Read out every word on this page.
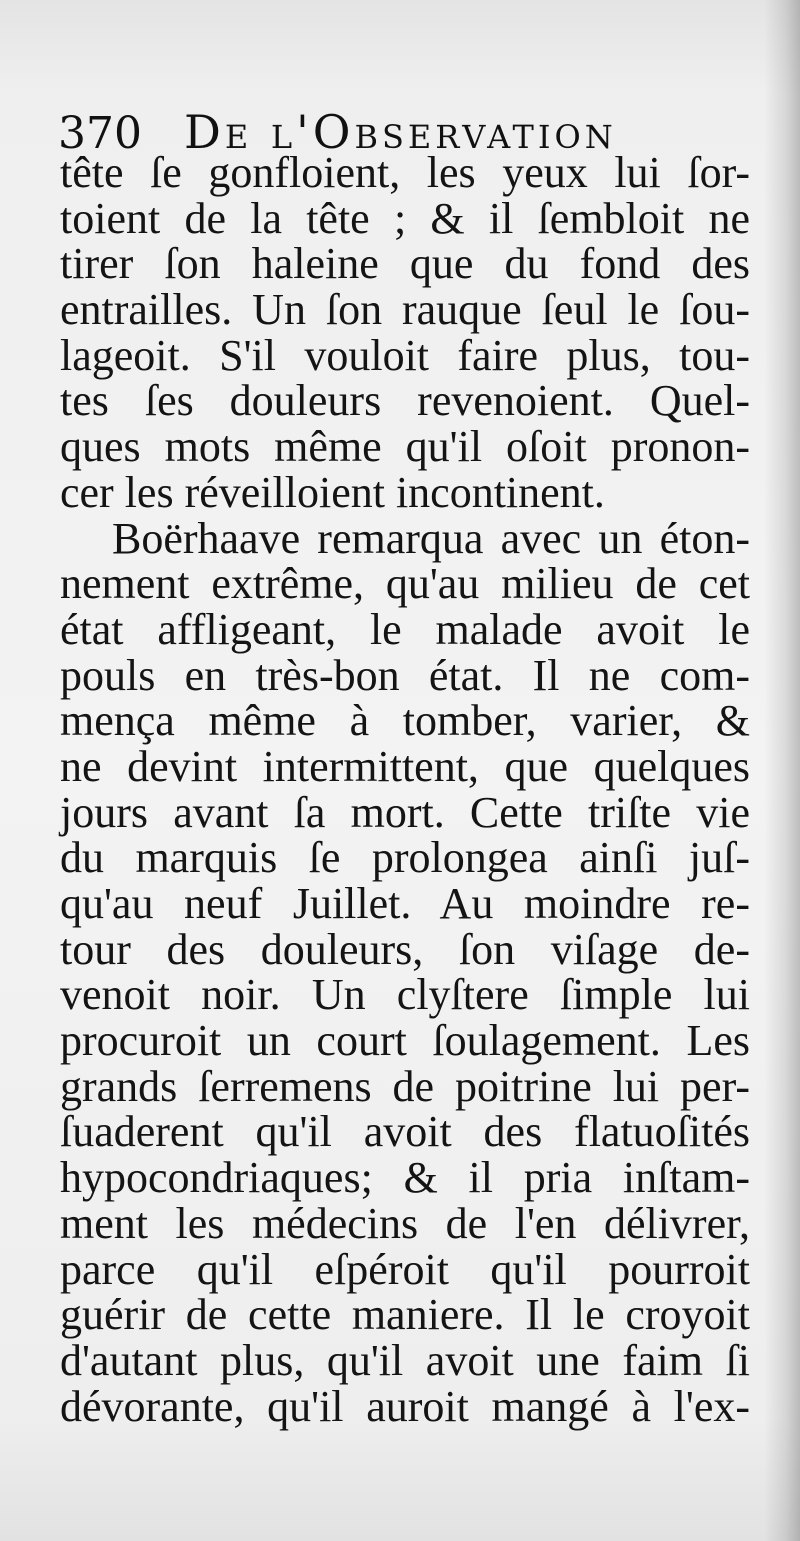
370 De l'Observation
tête ſe gonfloient, les yeux lui ſor-
toient de la tête ; & il ſembloit ne
tirer ſon haleine que du fond des
entrailles. Un ſon rauque ſeul le ſou-
lageoit. S'il vouloit faire plus, tou-
tes ſes douleurs revenoient. Quel-
ques mots même qu'il oſoit pronon-
cer les réveilloient incontinent.
Boërhaave remarqua avec un éton-
nement extrême, qu'au milieu de cet
état affligeant, le malade avoit le
pouls en très-bon état. Il ne com-
mença même à tomber, varier, &
ne devint intermittent, que quelques
jours avant ſa mort. Cette triſte vie
du marquis ſe prolongea ainſi juſ-
qu'au neuf Juillet. Au moindre re-
tour des douleurs, ſon viſage de-
venoit noir. Un clyſtere ſimple lui
procuroit un court ſoulagement. Les
grands ſerremens de poitrine lui per-
ſuaderent qu'il avoit des flatuoſités
hypocondriaques; & il pria inſtam-
ment les médecins de l'en délivrer,
parce qu'il eſpéroit qu'il pourroit
guérir de cette maniere. Il le croyoit
d'autant plus, qu'il avoit une faim ſi
dévorante, qu'il auroit mangé à l'ex-
